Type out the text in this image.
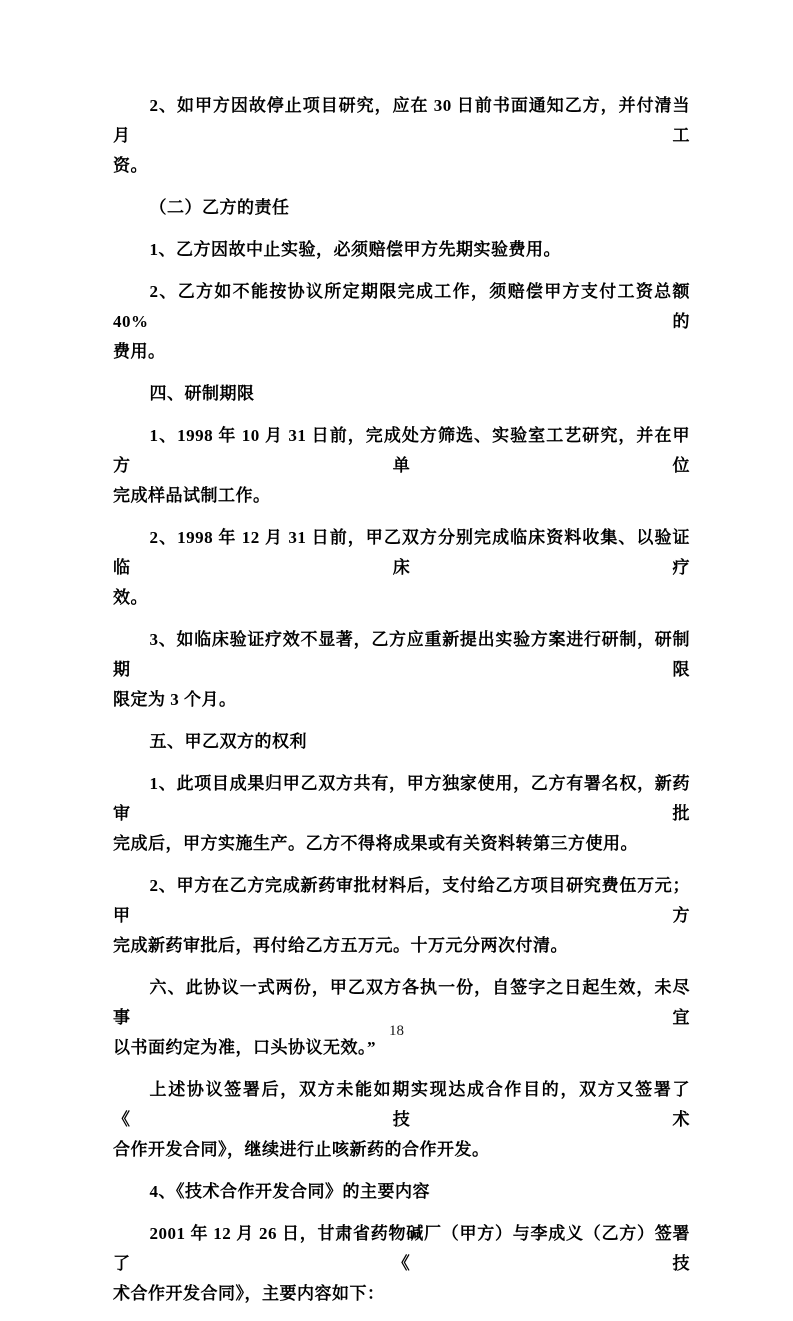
2、如甲方因故停止项目研究，应在 30 日前书面通知乙方，并付清当月工
资。

（二）乙方的责任

1、乙方因故中止实验，必须赔偿甲方先期实验费用。

2、乙方如不能按协议所定期限完成工作，须赔偿甲方支付工资总额 40%的
费用。

四、研制期限

1、1998 年 10 月 31 日前，完成处方筛选、实验室工艺研究，并在甲方单位
完成样品试制工作。

2、1998 年 12 月 31 日前，甲乙双方分别完成临床资料收集、以验证临床疗
效。

3、如临床验证疗效不显著，乙方应重新提出实验方案进行研制，研制期限
限定为 3 个月。

五、甲乙双方的权利

1、此项目成果归甲乙双方共有，甲方独家使用，乙方有署名权，新药审批
完成后，甲方实施生产。乙方不得将成果或有关资料转第三方使用。

2、甲方在乙方完成新药审批材料后，支付给乙方项目研究费伍万元；甲方
完成新药审批后，再付给乙方五万元。十万元分两次付清。

六、此协议一式两份，甲乙双方各执一份，自签字之日起生效，未尽事宜
以书面约定为准，口头协议无效。”

上述协议签署后，双方未能如期实现达成合作目的，双方又签署了《技术
合作开发合同》，继续进行止咳新药的合作开发。

4、《技术合作开发合同》的主要内容

2001 年 12 月 26 日，甘肃省药物碱厂（甲方）与李成义（乙方）签署了《技
术合作开发合同》，主要内容如下：

18
